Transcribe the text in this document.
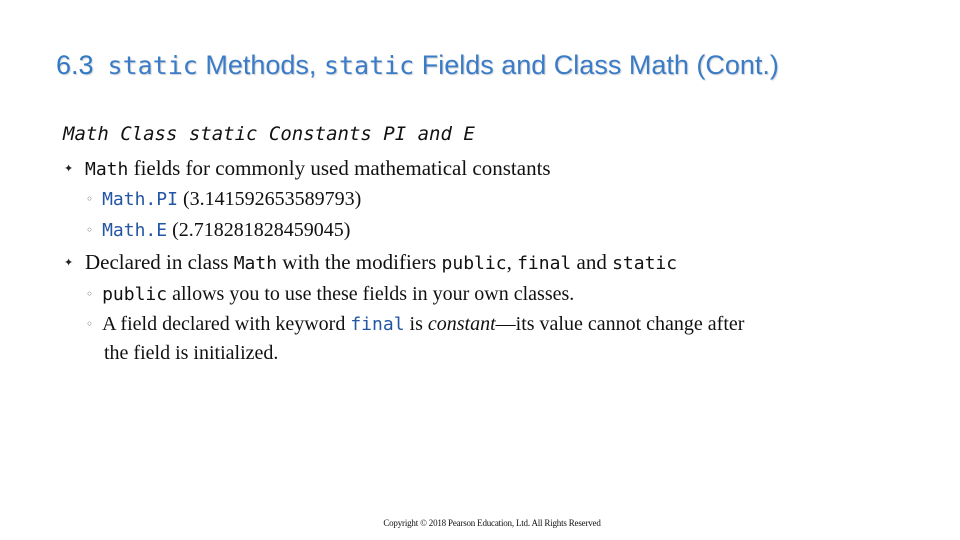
6.3 static Methods, static Fields and Class Math (Cont.)
Math Class static Constants PI and E
✦ Math fields for commonly used mathematical constants
◦ Math.PI (3.141592653589793)
◦ Math.E (2.718281828459045)
✦ Declared in class Math with the modifiers public, final and static
◦ public allows you to use these fields in your own classes.
◦ A field declared with keyword final is constant—its value cannot change after
the field is initialized.
Copyright © 2018 Pearson Education, Ltd. All Rights Reserved
